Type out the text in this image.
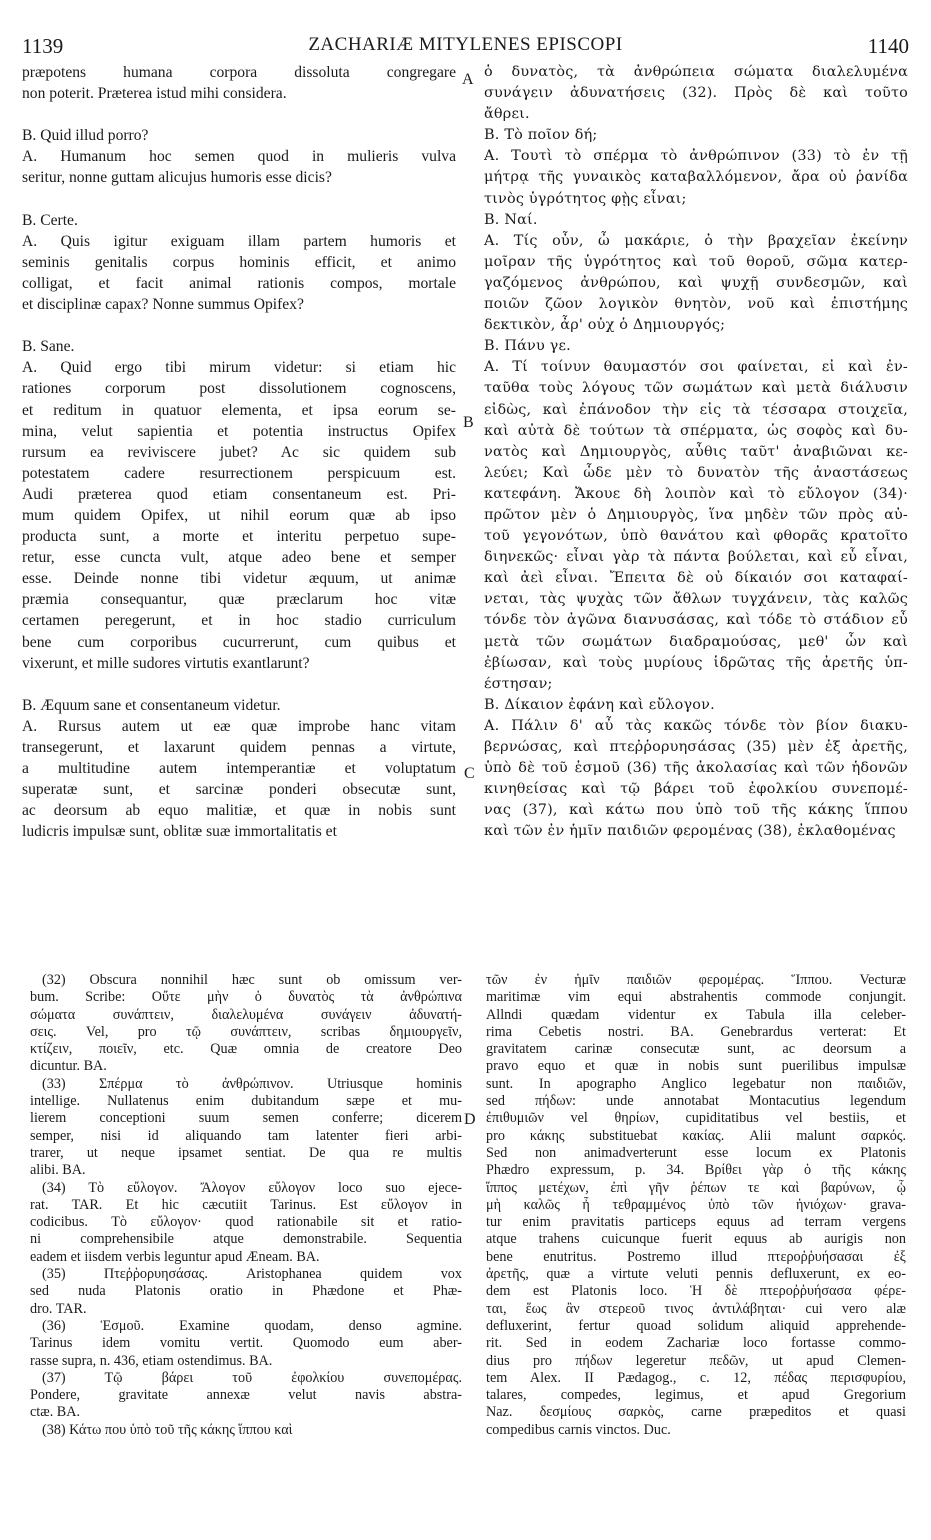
1139	ZACHARIÆ MITYLENES EPISCOPI	1140
A
B
C
D
præpotens humana corpora dissoluta congregare
non poterit. Præterea istud mihi considera.
B. Quid illud porro?
A. Humanum hoc semen quod in mulieris vulva
seritur, nonne guttam alicujus humoris esse dicis?
B. Certe.
A. Quis igitur exiguam illam partem humoris et
seminis genitalis corpus hominis efficit, et animo
colligat, et facit animal rationis compos, mortale
et disciplinæ capax? Nonne summus Opifex?
B. Sane.
A. Quid ergo tibi mirum videtur: si etiam hic
rationes corporum post dissolutionem cognoscens,
et reditum in quatuor elementa, et ipsa eorum se-
mina, velut sapientia et potentia instructus Opifex
rursum ea reviviscere jubet? Ac sic quidem sub
potestatem cadere resurrectionem perspicuum est.
Audi præterea quod etiam consentaneum est. Pri-
mum quidem Opifex, ut nihil eorum quæ ab ipso
producta sunt, a morte et interitu perpetuo supe-
retur, esse cuncta vult, atque adeo bene et semper
esse. Deinde nonne tibi videtur æquum, ut animæ
præmia consequantur, quæ præclarum hoc vitæ
certamen peregerunt, et in hoc stadio curriculum
bene cum corporibus cucurrerunt, cum quibus et
vixerunt, et mille sudores virtutis exantlarunt?
B. Æquum sane et consentaneum videtur.
A. Rursus autem ut eæ quæ improbe hanc vitam
transegerunt, et laxarunt quidem pennas a virtute,
a multitudine autem intemperantiæ et voluptatum
superatæ sunt, et sarcinæ ponderi obsecutæ sunt,
ac deorsum ab equo malitiæ, et quæ in nobis sunt
ludicris impulsæ sunt, oblitæ suæ immortalitatis et
ὁ δυνατὸς, τὰ ἀνθρώπεια σώματα διαλελυμένα
συνάγειν ἀδυνατήσεις (32). Πρὸς δὲ καὶ τοῦτο
ἄθρει.
B. Τὸ ποῖον δή;
A. Τουτὶ τὸ σπέρμα τὸ ἀνθρώπινον (33) τὸ ἐν τῇ
μήτρᾳ τῆς γυναικὸς καταβαλλόμενον, ἄρα οὐ ῥανίδα
τινὸς ὑγρότητος φῂς εἶναι;
B. Ναί.
A. Τίς οὖν, ὦ μακάριε, ὁ τὴν βραχεῖαν ἐκείνην
μοῖραν τῆς ὑγρότητος καὶ τοῦ θοροῦ, σῶμα κατερ-
γαζόμενος ἀνθρώπου, καὶ ψυχῇ συνδεσμῶν, καὶ
ποιῶν ζῶον λογικὸν θνητὸν, νοῦ καὶ ἐπιστήμης
δεκτικὸν, ἆρ' οὐχ ὁ Δημιουργός;
B. Πάνυ γε.
A. Τί τοίνυν θαυμαστόν σοι φαίνεται, εἰ καὶ ἐν-
ταῦθα τοὺς λόγους τῶν σωμάτων καὶ μετὰ διάλυσιν
εἰδὼς, καὶ ἐπάνοδον τὴν εἰς τὰ τέσσαρα στοιχεῖα,
καὶ αὐτὰ δὲ τούτων τὰ σπέρματα, ὡς σοφὸς καὶ δυ-
νατὸς καὶ Δημιουργὸς, αὖθις ταῦτ' ἀναβιῶναι κε-
λεύει; Καὶ ὧδε μὲν τὸ δυνατὸν τῆς ἀναστάσεως
κατεφάνη. Ἄκουε δὴ λοιπὸν καὶ τὸ εὔλογον (34)·
πρῶτον μὲν ὁ Δημιουργὸς, ἵνα μηδὲν τῶν πρὸς αὐ-
τοῦ γεγονότων, ὑπὸ θανάτου καὶ φθορᾶς κρατοῖτο
διηνεκῶς· εἶναι γὰρ τὰ πάντα βούλεται, καὶ εὖ εἶναι,
καὶ ἀεὶ εἶναι. Ἔπειτα δὲ οὐ δίκαιόν σοι καταφαί-
νεται, τὰς ψυχὰς τῶν ἄθλων τυγχάνειν, τὰς καλῶς
τόνδε τὸν ἀγῶνα διανυσάσας, καὶ τόδε τὸ στάδιον εὖ
μετὰ τῶν σωμάτων διαδραμούσας, μεθ' ὧν καὶ
ἐβίωσαν, καὶ τοὺς μυρίους ἱδρῶτας τῆς ἀρετῆς ὑπ-
έστησαν;
B. Δίκαιον ἐφάνη καὶ εὔλογον.
A. Πάλιν δ' αὖ τὰς κακῶς τόνδε τὸν βίον διακυ-
βερνώσας, καὶ πτεῤῥορυησάσας (35) μὲν ἐξ ἀρετῆς,
ὑπὸ δὲ τοῦ ἑσμοῦ (36) τῆς ἀκολασίας καὶ τῶν ἡδονῶν
κινηθείσας καὶ τῷ βάρει τοῦ ἐφολκίου συνεπομέ-
νας (37), καὶ κάτω που ὑπὸ τοῦ τῆς κάκης ἵππου
καὶ τῶν ἐν ἡμῖν παιδιῶν φερομένας (38), ἐκλαθομένας
(32) Obscura nonnihil hæc sunt ob omissum ver-
bum. Scribe: Οὔτε μὴν ὁ δυνατὸς τὰ ἀνθρώπινα
σώματα συνάπτειν, διαλελυμένα συνάγειν ἀδυνατή-
σεις. Vel, pro τῷ συνάπτειν, scribas δημιουργεῖν,
κτίζειν, ποιεῖν, etc. Quæ omnia de creatore Deo
dicuntur. BA.
(33) Σπέρμα τὸ ἀνθρώπινον. Utriusque hominis
intellige. Nullatenus enim dubitandum sæpe et mu-
lierem conceptioni suum semen conferre; dicerem
semper, nisi id aliquando tam latenter fieri arbi-
trarer, ut neque ipsamet sentiat. De qua re multis
alibi. BA.
(34) Τὸ εὔλογον. Ἄλογον εὔλογον loco suo ejece-
rat. TAR. Et hic cæcutiit Tarinus. Est εὔλογον in
codicibus. Τὸ εὔλογον· quod rationabile sit et ratio-
ni comprehensibile atque demonstrabile. Sequentia
eadem et iisdem verbis leguntur apud Æneam. BA.
(35) Πτεῤῥορυησάσας. Aristophanea quidem vox
sed nuda Platonis oratio in Phædone et Phæ-
dro. TAR.
(36) Ἑσμοῦ. Examine quodam, denso agmine.
Tarinus idem vomitu vertit. Quomodo eum aber-
rasse supra, n. 436, etiam ostendimus. BA.
(37) Τῷ βάρει τοῦ ἐφολκίου συνεπομέρας.
Pondere, gravitate annexæ velut navis abstra-
ctæ. BA.
(38) Κάτω που ὑπὸ τοῦ τῆς κάκης ἵππου καὶ
τῶν ἐν ἡμῖν παιδιῶν φερομέρας. Ἵππου. Vecturæ
maritimæ vim equi abstrahentis commode conjungit.
Allndi quædam videntur ex Tabula illa celeber-
rima Cebetis nostri. BA. Genebrardus verterat: Et
gravitatem carinæ consecutæ sunt, ac deorsum a
pravo equo et quæ in nobis sunt puerilibus impulsæ
sunt. In apographo Anglico legebatur non παιδιῶν,
sed πήδων: unde annotabat Montacutius legendum
ἐπιθυμιῶν vel θηρίων, cupiditatibus vel bestiis, et
pro κάκης substituebat κακίας. Alii malunt σαρκός.
Sed non animadverterunt esse locum ex Platonis
Phædro expressum, p. 34. Βρίθει γὰρ ὁ τῆς κάκης
ἵππος μετέχων, ἐπὶ γῆν ῥέπων τε καὶ βαρύνων, ᾧ
μὴ καλῶς ἦ τεθραμμένος ὑπὸ τῶν ἡνιόχων· grava-
tur enim pravitatis particeps equus ad terram vergens
atque trahens cuicunque fuerit equus ab aurigis non
bene enutritus. Postremo illud πτεροῤῥυήσασαι ἐξ
ἀρετῆς, quæ a virtute veluti pennis defluxerunt, ex eo-
dem est Platonis loco. Ἡ δὲ πτεροῤῥυήσασα φέρε-
ται, ἕως ἂν στερεοῦ τινος ἀντιλάβηται· cui vero alæ
defluxerint, fertur quoad solidum aliquid apprehende-
rit. Sed in eodem Zachariæ loco fortasse commo-
dius pro πήδων legeretur πεδῶν, ut apud Clemen-
tem Alex. II Pædagog., c. 12, πέδας περισφυρίου,
talares, compedes, legimus, et apud Gregorium
Naz. δεσμίους σαρκὸς, carne præpeditos et quasi
compedibus carnis vinctos. Duc.
